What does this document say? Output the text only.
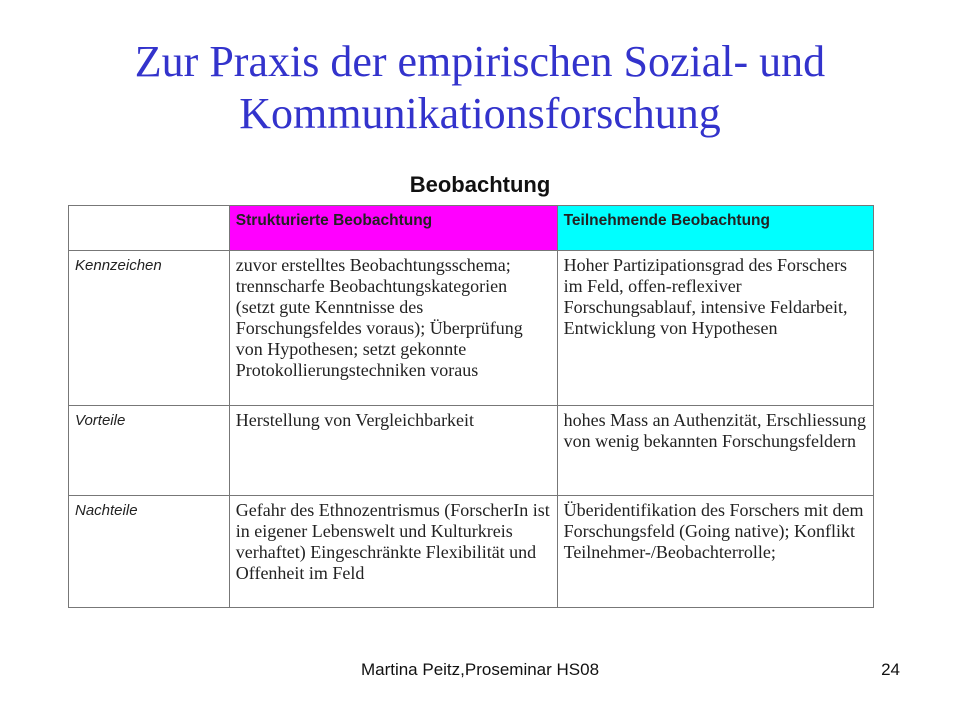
Zur Praxis der empirischen Sozial- und
Kommunikationsforschung
Beobachtung
	Strukturierte Beobachtung	Teilnehmende Beobachtung
Kennzeichen	zuvor erstelltes Beobachtungsschema; trennscharfe Beobachtungskategorien (setzt gute Kenntnisse des Forschungsfeldes voraus); Überprüfung von Hypothesen; setzt gekonnte Protokollierungstechniken voraus	Hoher Partizipationsgrad des Forschers im Feld, offen-reflexiver Forschungsablauf, intensive Feldarbeit, Entwicklung von Hypothesen
Vorteile	Herstellung von Vergleichbarkeit	hohes Mass an Authenzität, Erschliessung von wenig bekannten Forschungsfeldern
Nachteile	Gefahr des Ethnozentrismus (ForscherIn ist in eigener Lebenswelt und Kulturkreis verhaftet) Eingeschränkte Flexibilität und Offenheit im Feld	Überidentifikation des Forschers mit dem Forschungsfeld (Going native); Konflikt Teilnehmer-/Beobachterrolle;
Martina Peitz,Proseminar HS08	24
